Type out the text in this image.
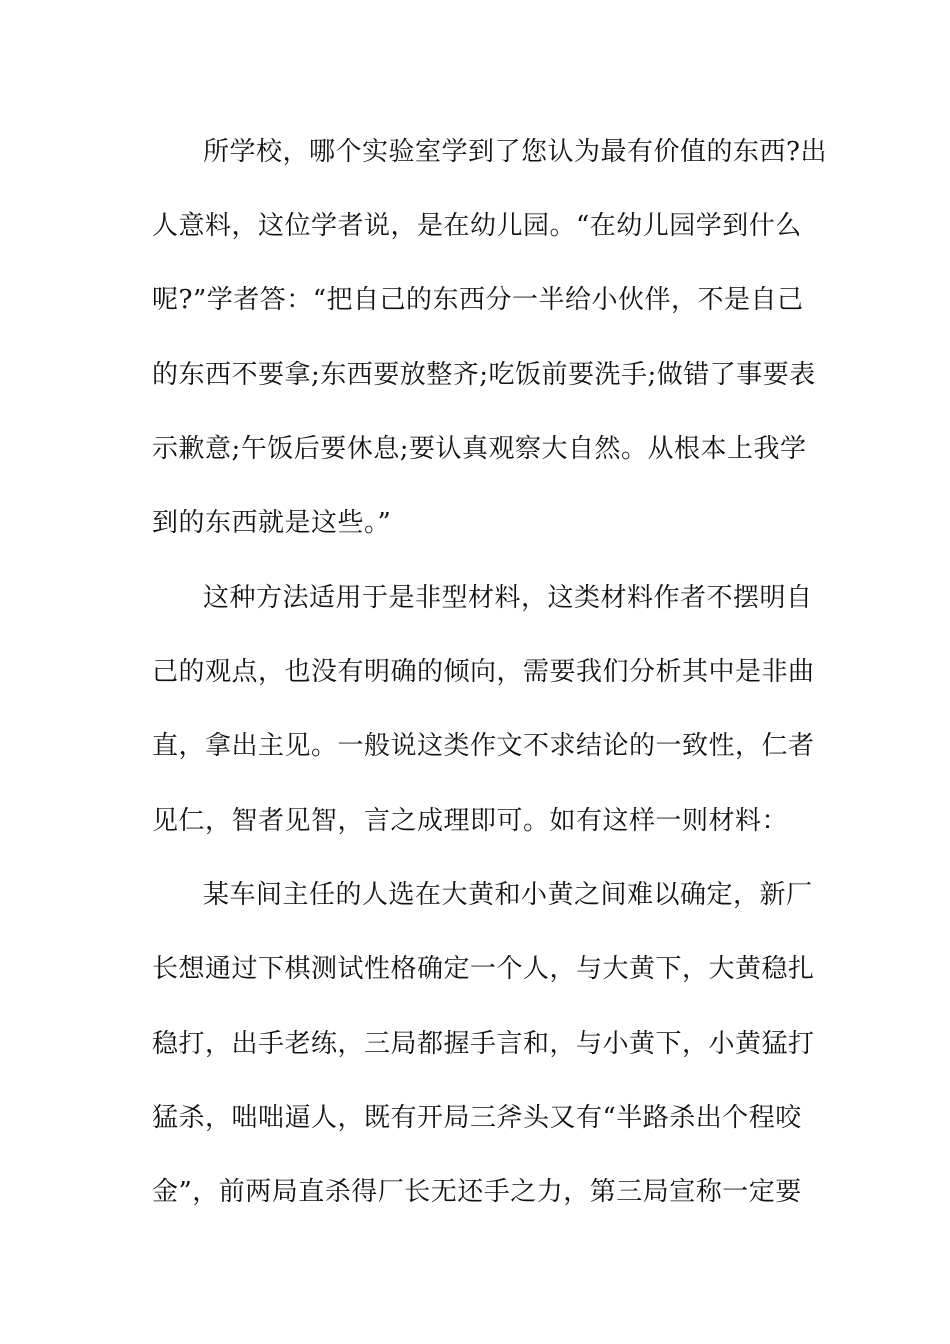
所学校，哪个实验室学到了您认为最有价值的东西?出
人意料，这位学者说，是在幼儿园。“在幼儿园学到什么
呢?”学者答：“把自己的东西分一半给小伙伴，不是自己
的东西不要拿;东西要放整齐;吃饭前要洗手;做错了事要表
示歉意;午饭后要休息;要认真观察大自然。从根本上我学
到的东西就是这些。”
这种方法适用于是非型材料，这类材料作者不摆明自
己的观点，也没有明确的倾向，需要我们分析其中是非曲
直，拿出主见。一般说这类作文不求结论的一致性，仁者
见仁，智者见智，言之成理即可。如有这样一则材料：
某车间主任的人选在大黄和小黄之间难以确定，新厂
长想通过下棋测试性格确定一个人，与大黄下，大黄稳扎
稳打，出手老练，三局都握手言和，与小黄下，小黄猛打
猛杀，咄咄逼人，既有开局三斧头又有“半路杀出个程咬
金”，前两局直杀得厂长无还手之力，第三局宣称一定要
